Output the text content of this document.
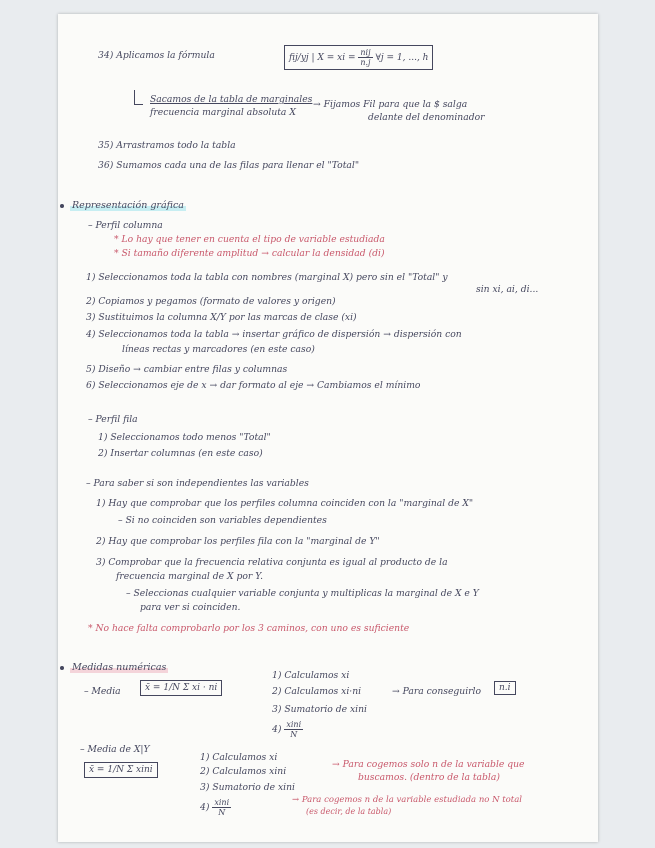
34) Aplicamos la fórmula	fij/yj | X = xi = $\frac{\text{nij}}{n.j}$ ∀j = 1, ..., h
Sacamos de la tabla de marginales
frecuencia marginal absoluta X
→ Fijamos Fil para que la $ salga
delante del denominador
35) Arrastramos todo la tabla
36) Sumamos cada una de las filas para llenar el "Total"
Representación gráfica
– Perfil columna
* Lo hay que tener en cuenta el tipo de variable estudiada
* Si tamaño diferente amplitud → calcular la densidad (di)
1) Seleccionamos toda la tabla con nombres (marginal X) pero sin el "Total" y
sin xi, ai, di...
2) Copiamos y pegamos (formato de valores y origen)
3) Sustituimos la columna X/Y por las marcas de clase (xi)
4) Seleccionamos toda la tabla → insertar gráfico de dispersión → dispersión con
líneas rectas y marcadores (en este caso)
5) Diseño → cambiar entre filas y columnas
6) Seleccionamos eje de x → dar formato al eje → Cambiamos el mínimo
– Perfil fila
1) Seleccionamos todo menos "Total"
2) Insertar columnas (en este caso)
– Para saber si son independientes las variables
1) Hay que comprobar que los perfiles columna coinciden con la "marginal de X"
– Si no coinciden son variables dependientes
2) Hay que comprobar los perfiles fila con la "marginal de Y"
3) Comprobar que la frecuencia relativa conjunta es igual al producto de la
frecuencia marginal de X por Y.
– Seleccionas cualquier variable conjunta y multiplicas la marginal de X e Y
para ver si coinciden.
* No hace falta comprobarlo por los 3 caminos, con uno es suficiente
Medidas numéricas
– Media	x̄ = 1/N Σ xi · ni
1) Calculamos xi
2) Calculamos xi·ni	→ Para conseguirlo	n.i
3) Sumatorio de xini
$4) \frac{\text{xini}}{N}$
– Media de X|Y
x̄ = 1/N Σ xini
1) Calculamos xi
2) Calculamos xini
→ Para cogemos solo n de la variable que
buscamos. (dentro de la tabla)
3) Sumatorio de xini
$4) \frac{\text{xini}}{N}$	→ Para cogemos n de la variable estudiada no N total
(es decir, de la tabla)
